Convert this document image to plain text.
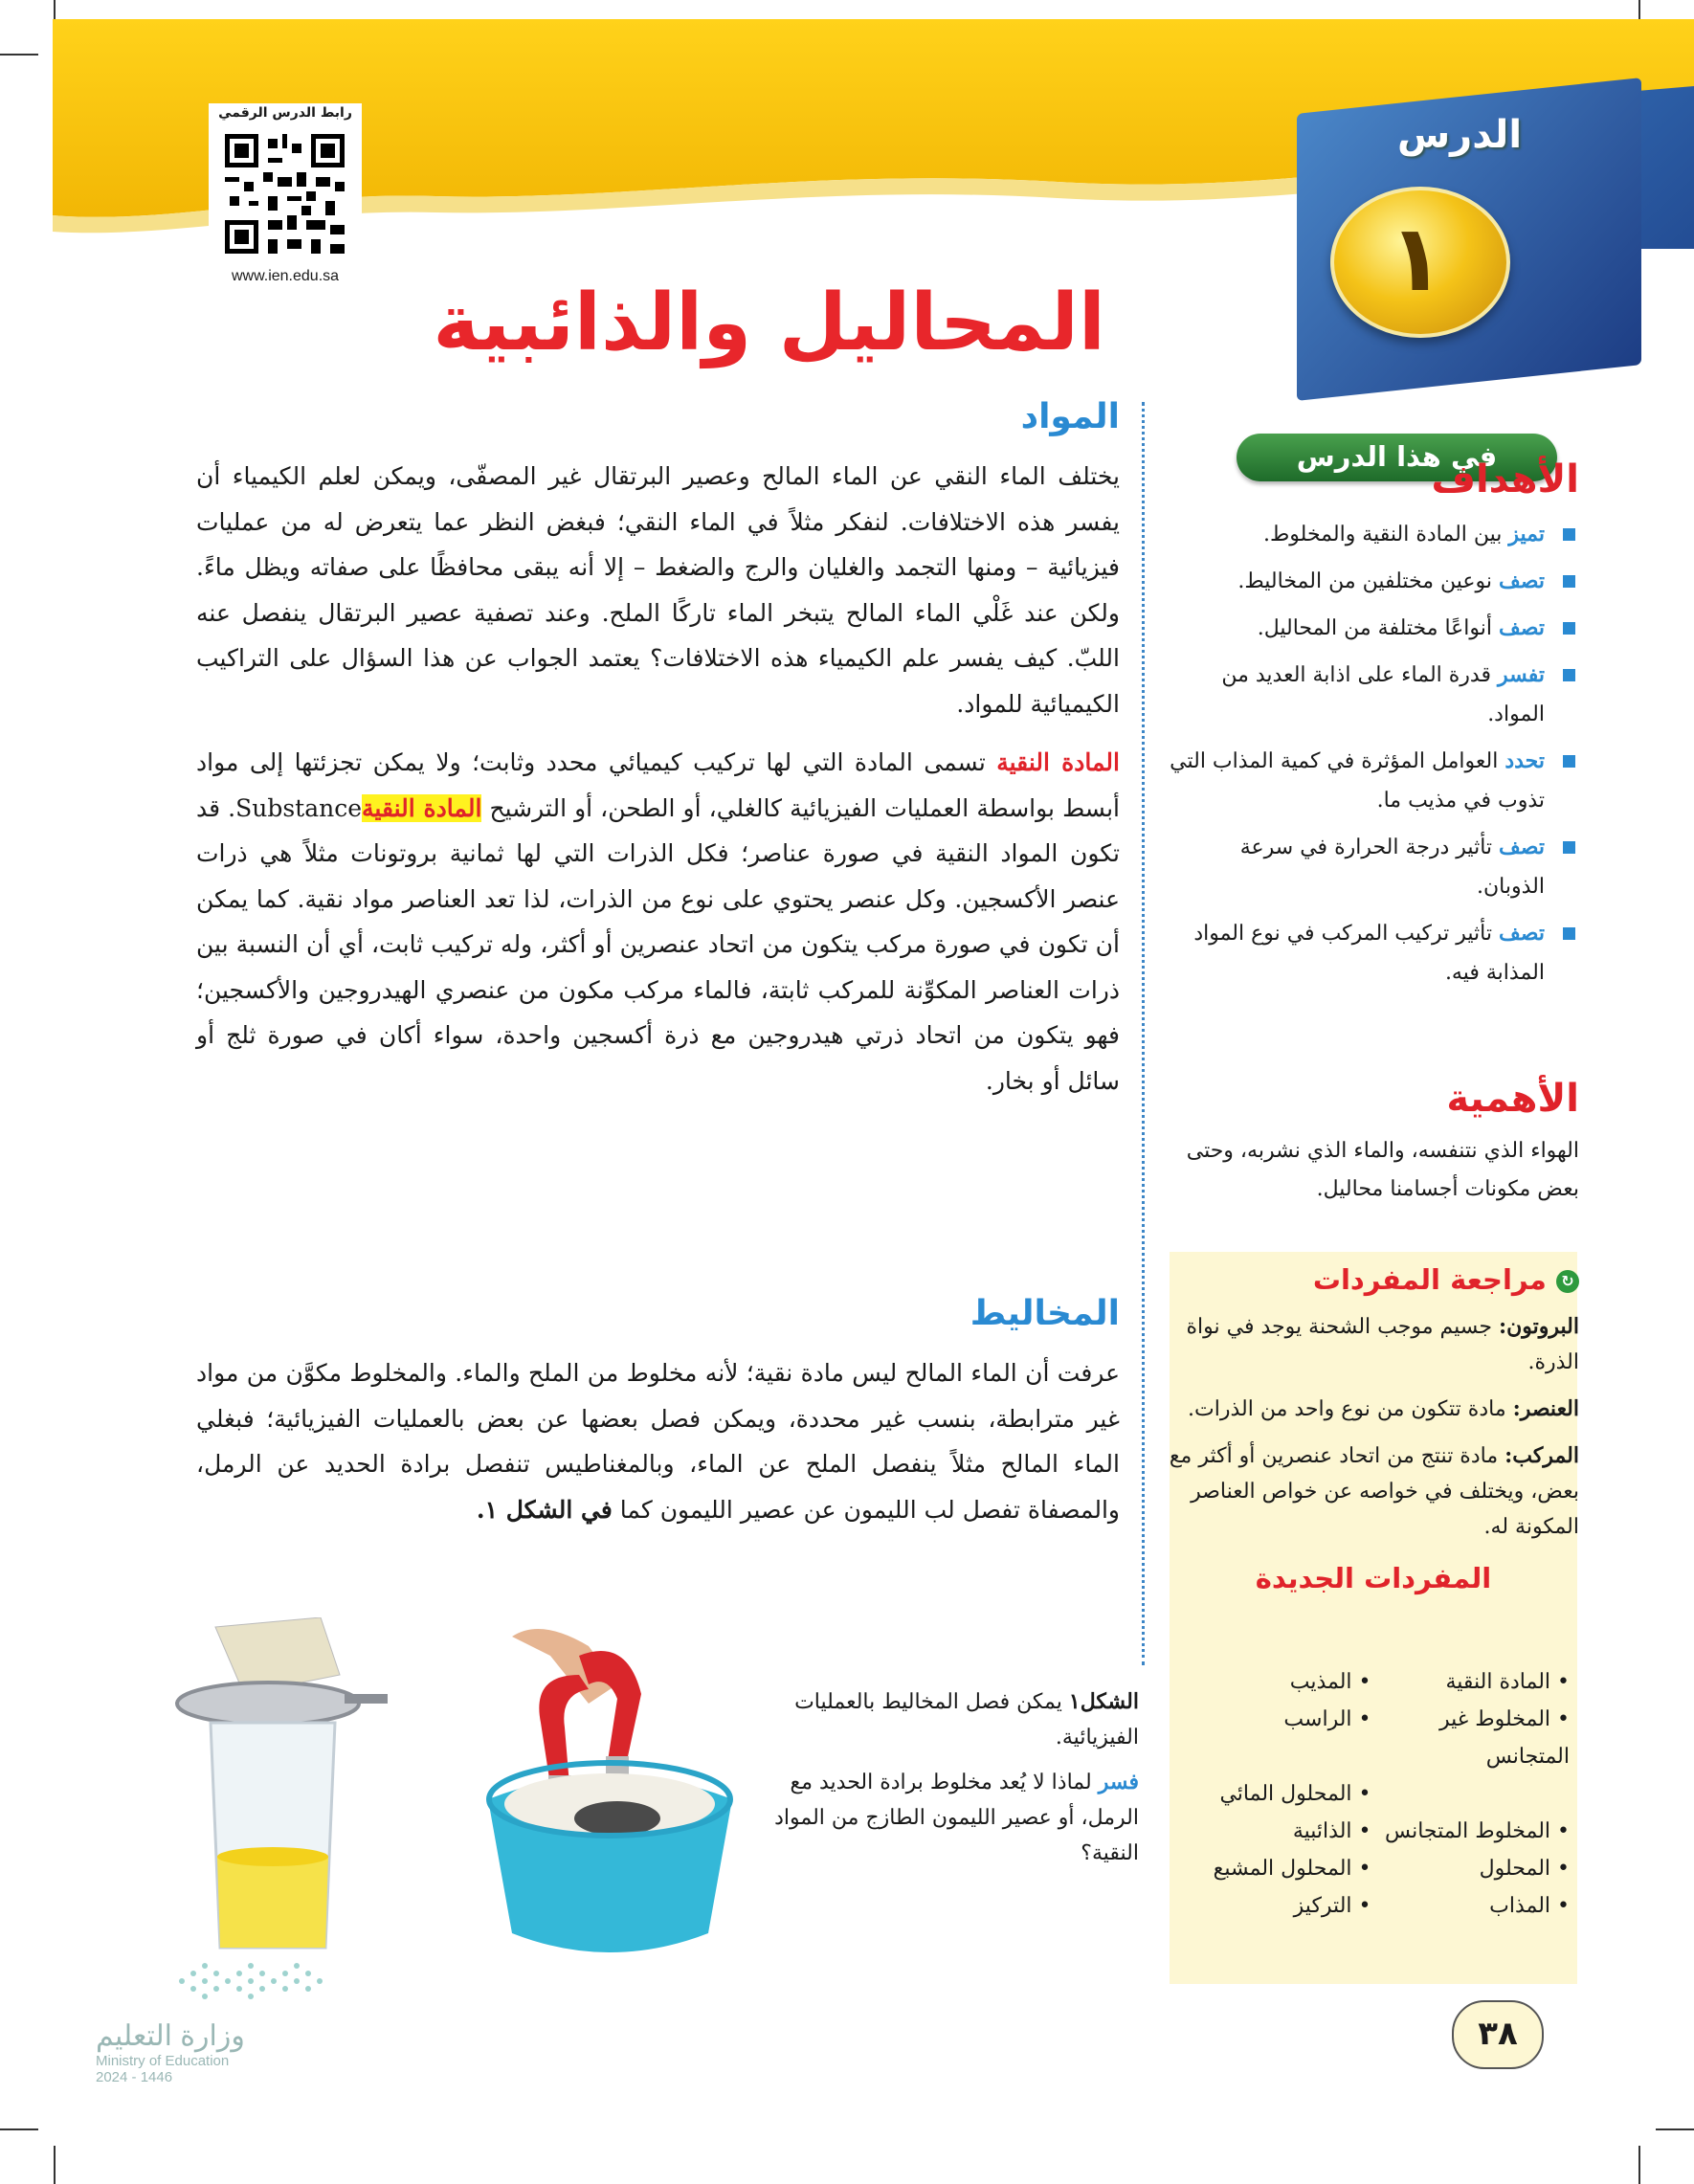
رابط الدرس الرقمي
www.ien.edu.sa
الدرس
١
المحاليل والذائبية
المواد

يختلف الماء النقي عن الماء المالح وعصير البرتقال غير المصفّى، ويمكن لعلم الكيمياء أن يفسر هذه الاختلافات. لنفكر مثلاً في الماء النقي؛ فبغض النظر عما يتعرض له من عمليات فيزيائية – ومنها التجمد والغليان والرج والضغط – إلا أنه يبقى محافظًا على صفاته ويظل ماءً. ولكن عند غَلْي الماء المالح يتبخر الماء تاركًا الملح. وعند تصفية عصير البرتقال ينفصل عنه اللبّ. كيف يفسر علم الكيمياء هذه الاختلافات؟ يعتمد الجواب عن هذا السؤال على التراكيب الكيميائية للمواد.

المادة النقية تسمى المادة التي لها تركيب كيميائي محدد وثابت؛ ولا يمكن تجزئتها إلى مواد أبسط بواسطة العمليات الفيزيائية كالغلي، أو الطحن، أو الترشيح المادة النقيةSubstance. قد تكون المواد النقية في صورة عناصر؛ فكل الذرات التي لها ثمانية بروتونات مثلاً هي ذرات عنصر الأكسجين. وكل عنصر يحتوي على نوع من الذرات، لذا تعد العناصر مواد نقية. كما يمكن أن تكون في صورة مركب يتكون من اتحاد عنصرين أو أكثر، وله تركيب ثابت، أي أن النسبة بين ذرات العناصر المكوِّنة للمركب ثابتة، فالماء مركب مكون من عنصري الهيدروجين والأكسجين؛ فهو يتكون من اتحاد ذرتي هيدروجين مع ذرة أكسجين واحدة، سواء أكان في صورة ثلج أو سائل أو بخار.

المخاليط

عرفت أن الماء المالح ليس مادة نقية؛ لأنه مخلوط من الملح والماء. والمخلوط مكوَّن من مواد غير مترابطة، بنسب غير محددة، ويمكن فصل بعضها عن بعض بالعمليات الفيزيائية؛ فبغلي الماء المالح مثلاً ينفصل الملح عن الماء، وبالمغناطيس تنفصل برادة الحديد عن الرمل، والمصفاة تفصل لب الليمون عن عصير الليمون كما في الشكل ١.

الشكل١ يمكن فصل المخاليط بالعمليات الفيزيائية.
فسر لماذا لا يُعد مخلوط برادة الحديد مع الرمل، أو عصير الليمون الطازج من المواد النقية؟
في هذا الدرس
الأهداف
تميز بين المادة النقية والمخلوط.
تصف نوعين مختلفين من المخاليط.
تصف أنواعًا مختلفة من المحاليل.
تفسر قدرة الماء على اذابة العديد من المواد.
تحدد العوامل المؤثرة في كمية المذاب التي تذوب في مذيب ما.
تصف تأثير درجة الحرارة في سرعة الذوبان.
تصف تأثير تركيب المركب في نوع المواد المذابة فيه.
الأهمية
الهواء الذي نتنفسه، والماء الذي نشربه، وحتى بعض مكونات أجسامنا محاليل.
↻ مراجعة المفردات
البروتون: جسيم موجب الشحنة يوجد في نواة الذرة.
العنصر: مادة تتكون من نوع واحد من الذرات.
المركب: مادة تنتج من اتحاد عنصرين أو أكثر مع بعض، ويختلف في خواصه عن خواص العناصر المكونة له.
المفردات الجديدة
• المادة النقية
• المذيب
• المخلوط غير المتجانس
• الراسب
• المحلول المائي
• المخلوط المتجانس
• الذائبية
• المحلول
• المحلول المشبع
• المذاب
• التركيز
٣٨
وزارة التعليم
Ministry of Education
2024 - 1446
